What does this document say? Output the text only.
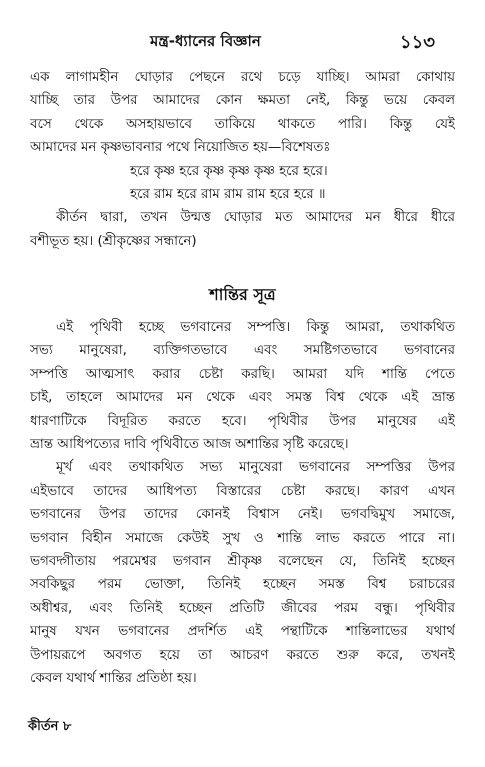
মন্ত্র-ধ্যানের বিজ্ঞান	১১৩
এক লাগামহীন ঘোড়ার পেছনে রথে চড়ে যাচ্ছি। আমরা কোথায়
যাচ্ছি তার উপর আমাদের কোন ক্ষমতা নেই, কিন্তু ভয়ে কেবল
বসে থেকে অসহায়ভাবে তাকিয়ে থাকতে পারি। কিন্তু যেই
আমাদের মন কৃষ্ণভাবনার পথে নিয়োজিত হয়—বিশেষতঃ
হরে কৃষ্ণ হরে কৃষ্ণ কৃষ্ণ কৃষ্ণ হরে হরে।
হরে রাম হরে রাম রাম রাম হরে হরে ॥
কীর্তন দ্বারা, তখন উন্মত্ত ঘোড়ার মত আমাদের মন ধীরে ধীরে
বশীভূত হয়। (শ্রীকৃষ্ণের সন্ধানে)
শান্তির সূত্র
এই পৃথিবী হচ্ছে ভগবানের সম্পত্তি। কিন্তু আমরা, তথাকথিত
সভ্য মানুষেরা, ব্যক্তিগতভাবে এবং সমষ্টিগতভাবে ভগবানের
সম্পত্তি আত্মসাৎ করার চেষ্টা করছি। আমরা যদি শান্তি পেতে
চাই, তাহলে আমাদের মন থেকে এবং সমস্ত বিশ্ব থেকে এই ভ্রান্ত
ধারণাটিকে বিদূরিত করতে হবে। পৃথিবীর উপর মানুষের এই
ভ্রান্ত আধিপত্যের দাবি পৃথিবীতে আজ অশান্তির সৃষ্টি করেছে।
মূর্খ এবং তথাকথিত সভ্য মানুষেরা ভগবানের সম্পত্তির উপর
এইভাবে তাদের আধিপত্য বিস্তারের চেষ্টা করছে। কারণ এখন
ভগবানের উপর তাদের কোনই বিশ্বাস নেই। ভগবদ্বিমুখ সমাজে,
ভগবান বিহীন সমাজে কেউই সুখ ও শান্তি লাভ করতে পারে না।
ভগবদ্গীতায় পরমেশ্বর ভগবান শ্রীকৃষ্ণ বলেছেন যে, তিনিই হচ্ছেন
সবকিছুর পরম ভোক্তা, তিনিই হচ্ছেন সমস্ত বিশ্ব চরাচরের
অধীশ্বর, এবং তিনিই হচ্ছেন প্রতিটি জীবের পরম বন্ধু। পৃথিবীর
মানুষ যখন ভগবানের প্রদর্শিত এই পন্থাটিকে শান্তিলাভের যথার্থ
উপায়রূপে অবগত হয়ে তা আচরণ করতে শুরু করে, তখনই
কেবল যথার্থ শান্তির প্রতিষ্ঠা হয়।
কীর্তন ৮
